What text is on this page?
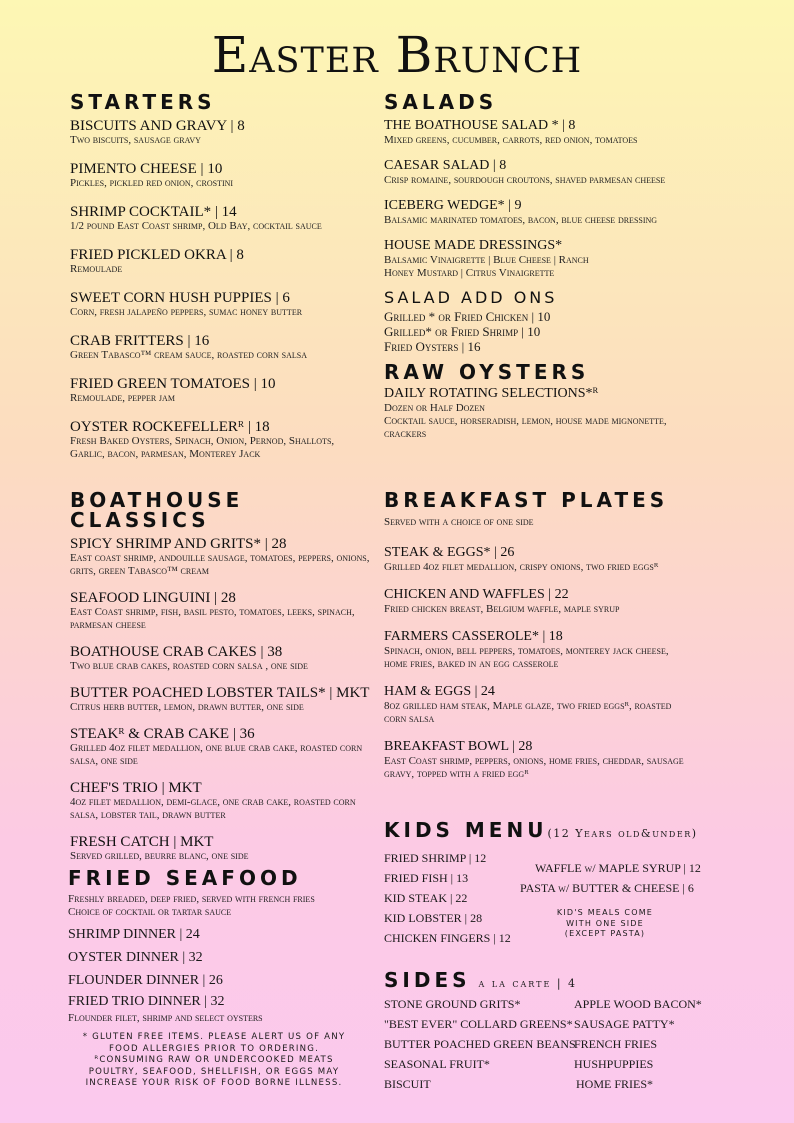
Easter Brunch
STARTERS
BISCUITS AND GRAVY | 8
Two biscuits, sausage gravy
PIMENTO CHEESE | 10
Pickles, pickled red onion, crostini
SHRIMP COCKTAIL* | 14
1/2 pound East Coast shrimp, Old Bay, cocktail sauce
FRIED PICKLED OKRA | 8
Remoulade
SWEET CORN HUSH PUPPIES | 6
Corn, fresh jalapeño peppers, sumac honey butter
CRAB FRITTERS | 16
Green Tabasco™ cream sauce, roasted corn salsa
FRIED GREEN TOMATOES | 10
Remoulade, pepper jam
OYSTER ROCKEFELLERᴿ | 18
Fresh Baked Oysters, Spinach, Onion, Pernod, Shallots, Garlic, bacon, parmesan, Monterey Jack
SALADS
THE BOATHOUSE SALAD * | 8
Mixed greens, cucumber, carrots, red onion, tomatoes
CAESAR SALAD | 8
Crisp romaine, sourdough croutons, shaved parmesan cheese
ICEBERG WEDGE* | 9
Balsamic marinated tomatoes, bacon, blue cheese dressing
HOUSE MADE DRESSINGS*
Balsamic Vinaigrette | Blue Cheese | Ranch
Honey Mustard | Citrus Vinaigrette
SALAD ADD ONS
Grilled * or Fried Chicken | 10
Grilled* or Fried Shrimp | 10
Fried Oysters | 16
RAW OYSTERS
DAILY ROTATING SELECTIONS*ᴿ
Dozen or Half Dozen
Cocktail sauce, horseradish, lemon, house made mignonette, crackers
BOATHOUSE CLASSICS
SPICY SHRIMP AND GRITS* | 28
East coast shrimp, andouille sausage, tomatoes, peppers, onions, grits, green Tabasco™ cream
SEAFOOD LINGUINI | 28
East Coast shrimp, fish, basil pesto, tomatoes, leeks, spinach, parmesan cheese
BOATHOUSE CRAB CAKES | 38
Two blue crab cakes, roasted corn salsa , one side
BUTTER POACHED LOBSTER TAILS* | MKT
Citrus herb butter, lemon, drawn butter, one side
STEAKᴿ & CRAB CAKE | 36
Grilled 4oz filet medallion, one blue crab cake, roasted corn salsa, one side
CHEF'S TRIO | MKT
4oz filet medallion, demi-glace, one crab cake, roasted corn salsa, lobster tail, drawn butter
FRESH CATCH | MKT
Served grilled, beurre blanc, one side
FRIED SEAFOOD
Freshly breaded, deep fried, served with french fries
Choice of cocktail or tartar sauce
SHRIMP DINNER | 24
OYSTER DINNER | 32
FLOUNDER DINNER | 26
FRIED TRIO DINNER | 32
Flounder filet, shrimp and select oysters
* GLUTEN FREE ITEMS. PLEASE ALERT US OF ANY
FOOD ALLERGIES PRIOR TO ORDERING.
ᴿCONSUMING RAW OR UNDERCOOKED MEATS
POULTRY, SEAFOOD, SHELLFISH, OR EGGS MAY
INCREASE YOUR RISK OF FOOD BORNE ILLNESS.
BREAKFAST PLATES
Served with a choice of one side
STEAK & EGGS* | 26
Grilled 4oz filet medallion, crispy onions, two fried eggsᴿ
CHICKEN AND WAFFLES | 22
Fried chicken breast, Belgium waffle, maple syrup
FARMERS CASSEROLE* | 18
Spinach, onion, bell peppers, tomatoes, monterey jack cheese, home fries, baked in an egg casserole
HAM & EGGS | 24
8oz grilled ham steak, Maple glaze, two fried eggsᴿ, roasted corn salsa
BREAKFAST BOWL | 28
East Coast shrimp, peppers, onions, home fries, cheddar, sausage gravy, topped with a fried eggᴿ
KIDS MENU(12 Years old&under)
FRIED SHRIMP | 12
FRIED FISH | 13
KID STEAK | 22
KID LOBSTER | 28
CHICKEN FINGERS | 12
WAFFLE w/ MAPLE SYRUP | 12
PASTA w/ BUTTER & CHEESE | 6
KID'S MEALS COME
WITH ONE SIDE
(EXCEPT PASTA)
SIDES a la carte | 4
STONE GROUND GRITS*
"BEST EVER" COLLARD GREENS*
BUTTER POACHED GREEN BEANS
SEASONAL FRUIT*
BISCUIT
APPLE WOOD BACON*
SAUSAGE PATTY*
FRENCH FRIES
HUSHPUPPIES
HOME FRIES*
